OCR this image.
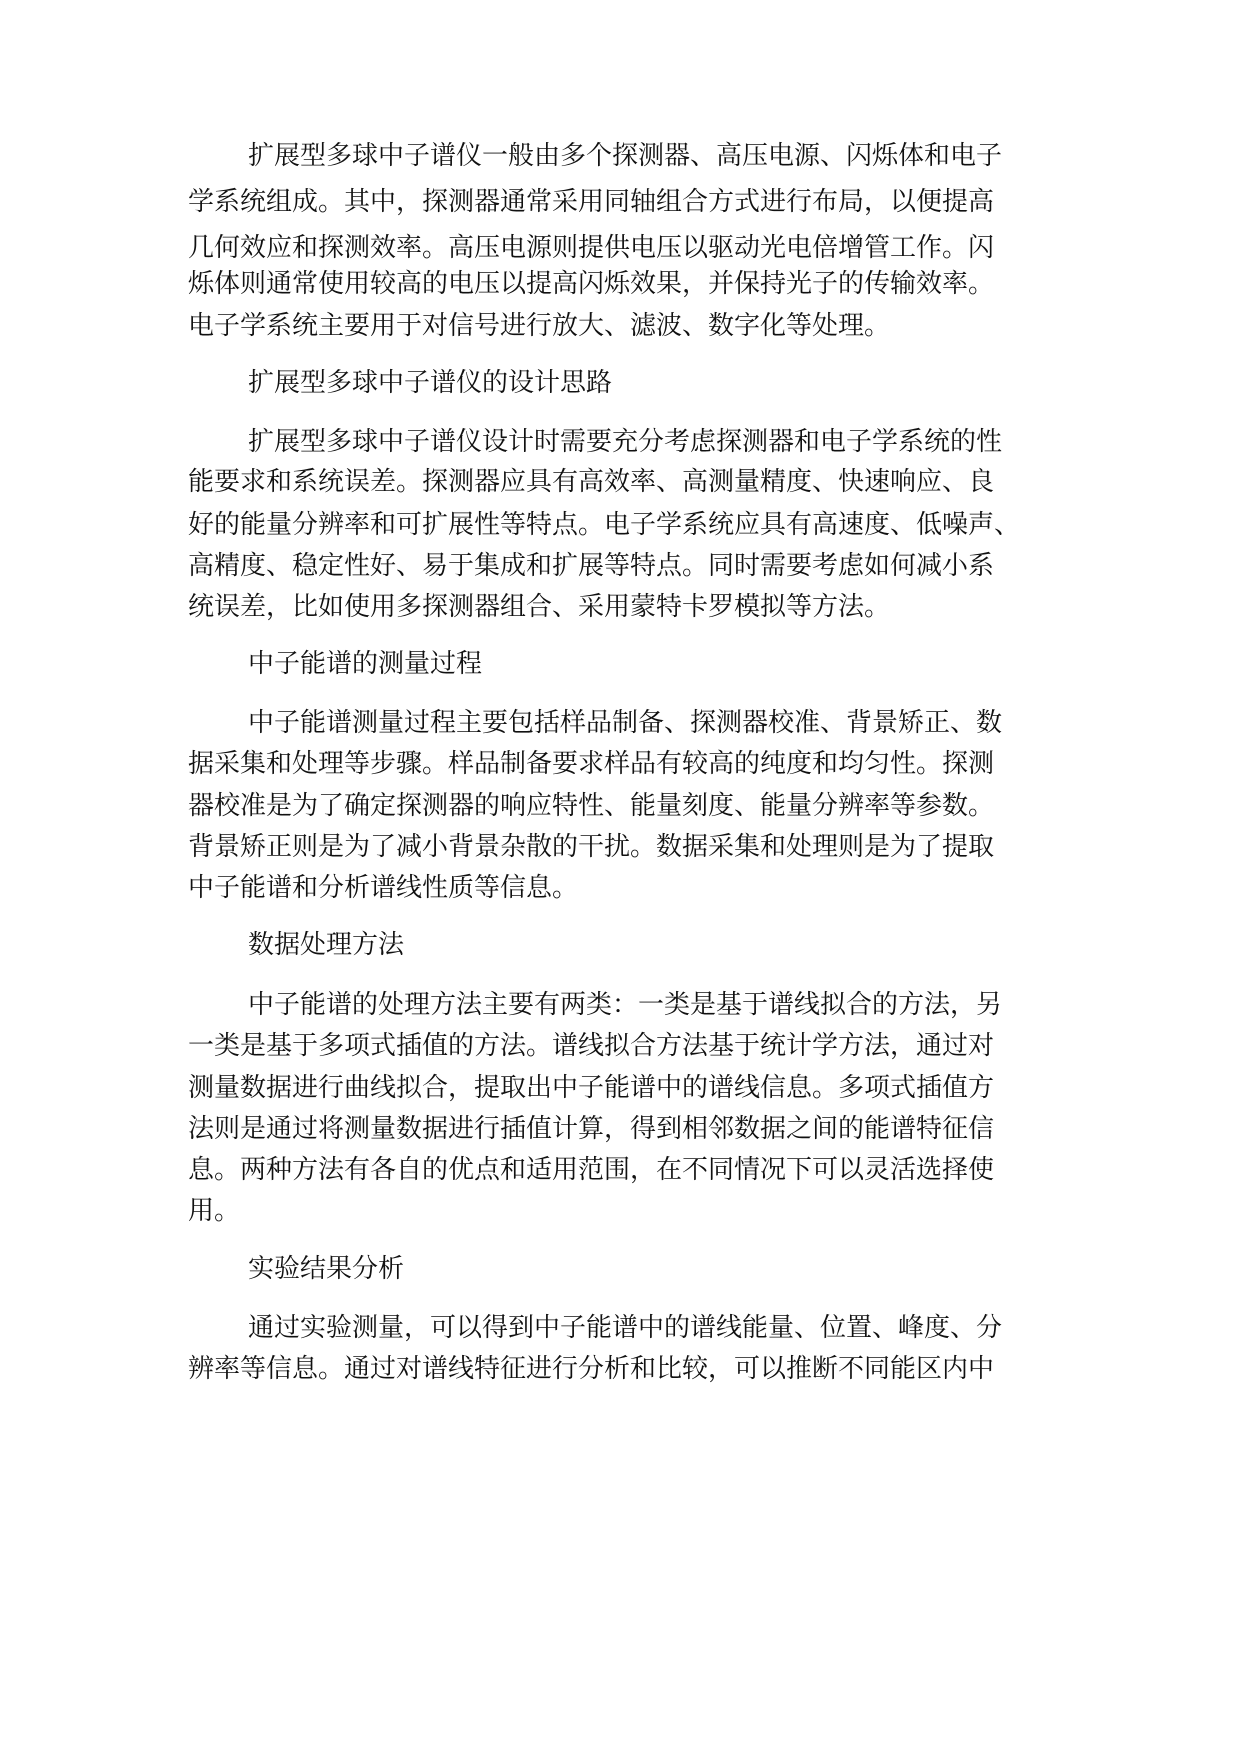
扩展型多球中子谱仪一般由多个探测器、高压电源、闪烁体和电子
学系统组成。其中，探测器通常采用同轴组合方式进行布局，以便提高
几何效应和探测效率。高压电源则提供电压以驱动光电倍增管工作。闪
烁体则通常使用较高的电压以提高闪烁效果，并保持光子的传输效率。
电子学系统主要用于对信号进行放大、滤波、数字化等处理。
扩展型多球中子谱仪的设计思路
扩展型多球中子谱仪设计时需要充分考虑探测器和电子学系统的性
能要求和系统误差。探测器应具有高效率、高测量精度、快速响应、良
好的能量分辨率和可扩展性等特点。电子学系统应具有高速度、低噪声、
高精度、稳定性好、易于集成和扩展等特点。同时需要考虑如何减小系
统误差，比如使用多探测器组合、采用蒙特卡罗模拟等方法。
中子能谱的测量过程
中子能谱测量过程主要包括样品制备、探测器校准、背景矫正、数
据采集和处理等步骤。样品制备要求样品有较高的纯度和均匀性。探测
器校准是为了确定探测器的响应特性、能量刻度、能量分辨率等参数。
背景矫正则是为了减小背景杂散的干扰。数据采集和处理则是为了提取
中子能谱和分析谱线性质等信息。
数据处理方法
中子能谱的处理方法主要有两类：一类是基于谱线拟合的方法，另
一类是基于多项式插值的方法。谱线拟合方法基于统计学方法，通过对
测量数据进行曲线拟合，提取出中子能谱中的谱线信息。多项式插值方
法则是通过将测量数据进行插值计算，得到相邻数据之间的能谱特征信
息。两种方法有各自的优点和适用范围，在不同情况下可以灵活选择使
用。
实验结果分析
通过实验测量，可以得到中子能谱中的谱线能量、位置、峰度、分
辨率等信息。通过对谱线特征进行分析和比较，可以推断不同能区内中
